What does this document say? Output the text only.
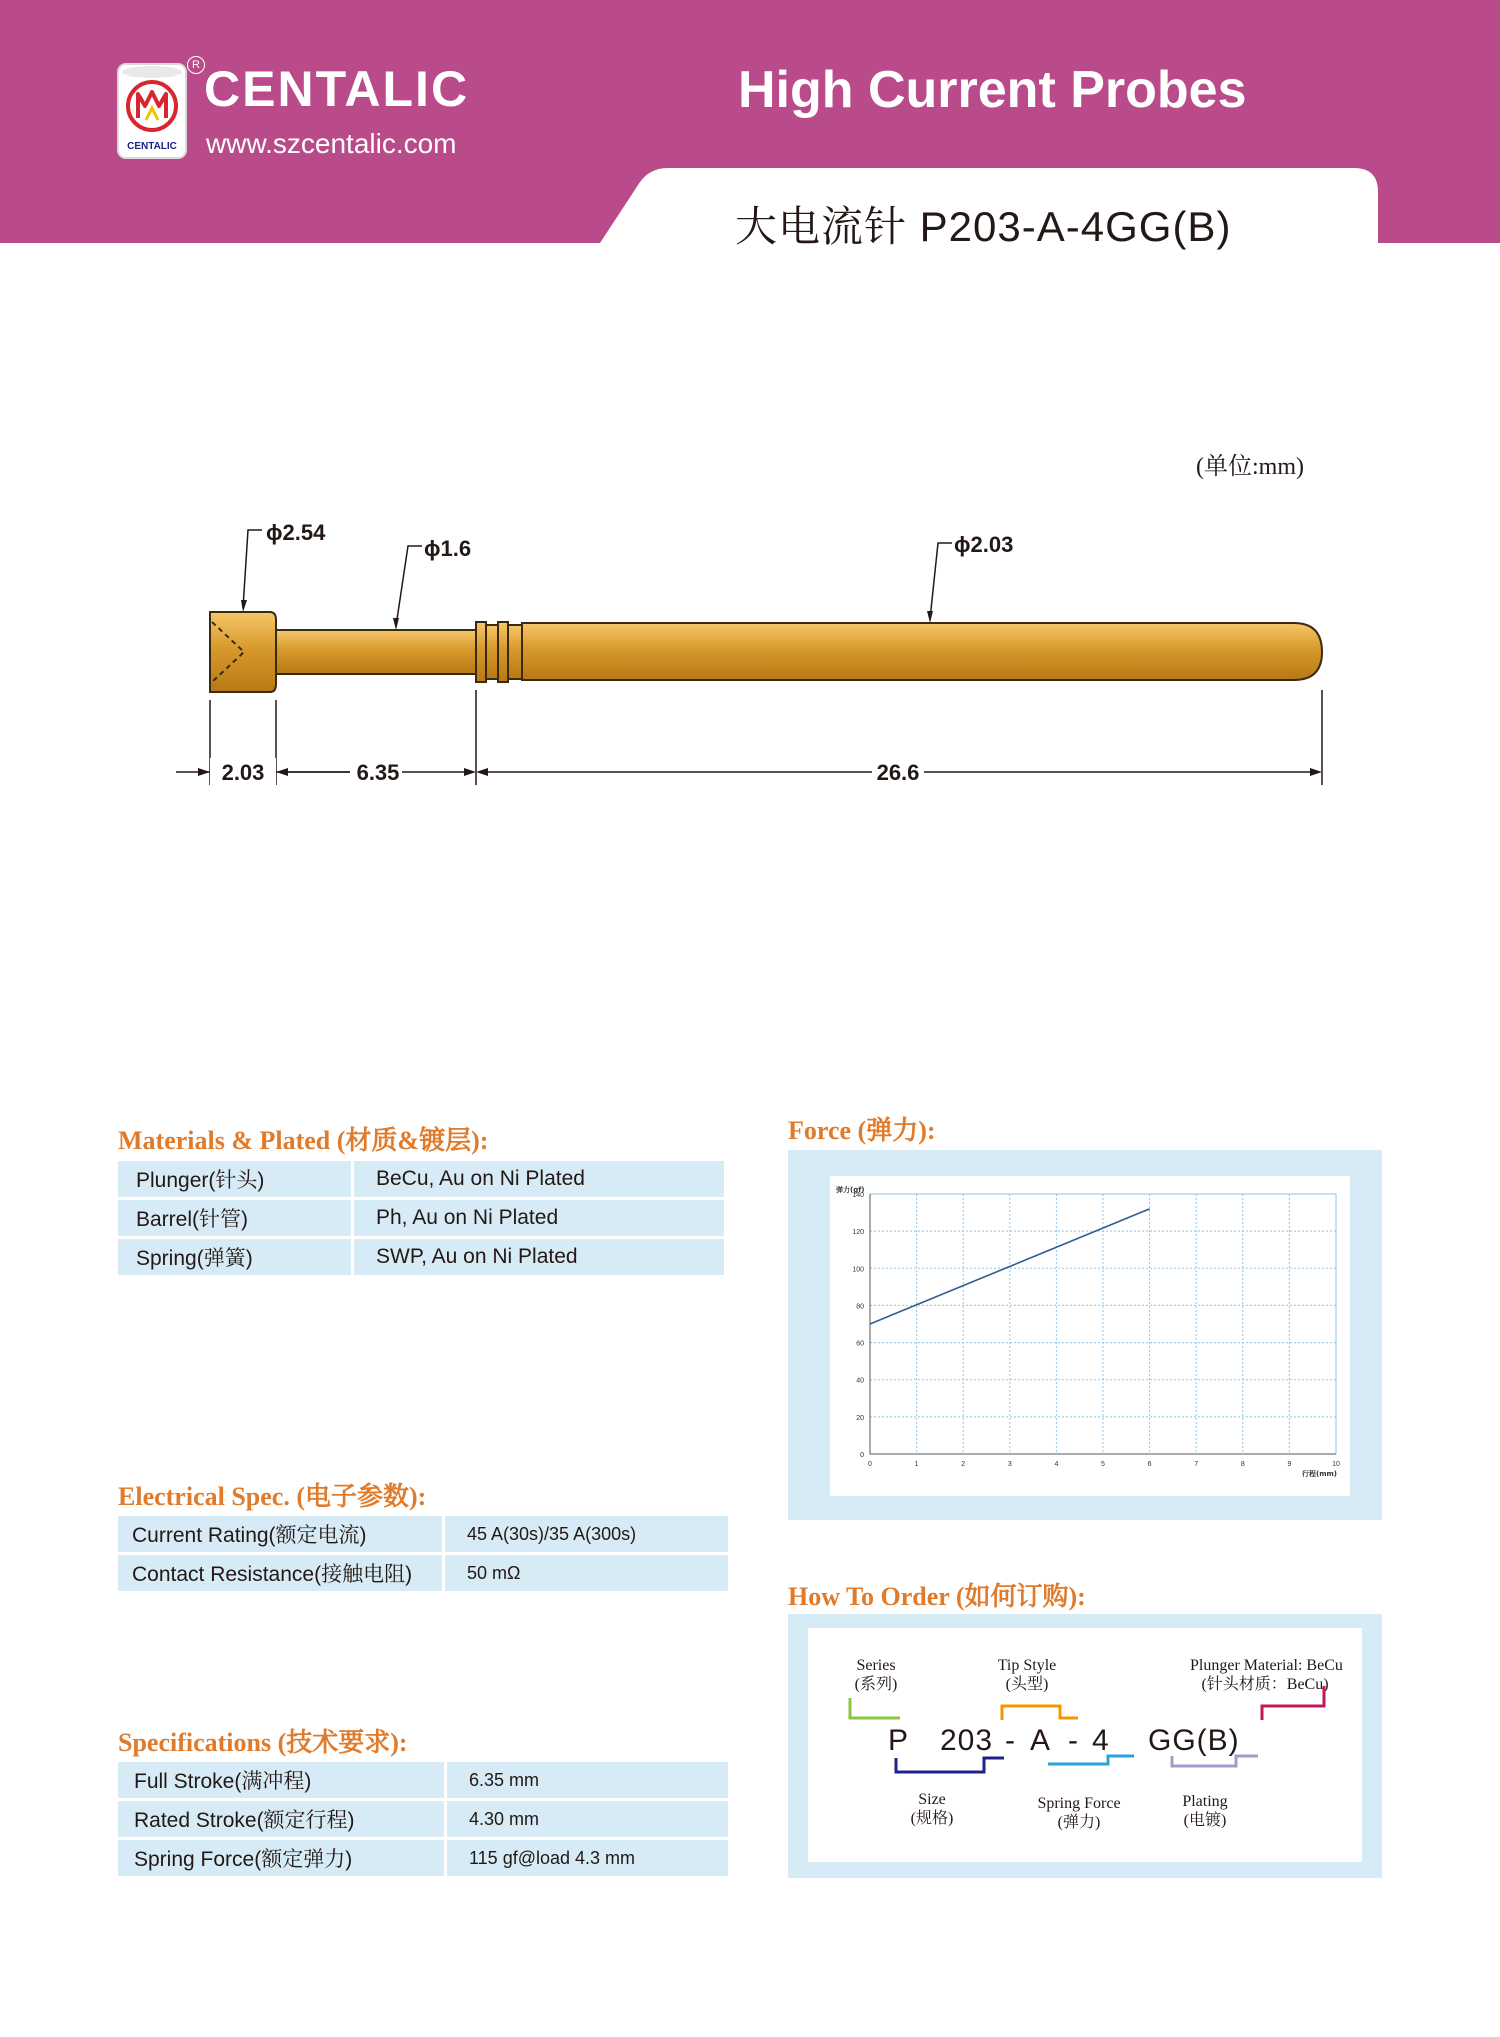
CENTALIC
R CENTALIC
www.szcentalic.com
High Current Probes
大电流针 P203-A-4GG(B)
(单位:mm)
ϕ2.54
ϕ1.6	ϕ2.03
2.03	6.35	26.6
Materials & Plated (材质&镀层):
Plunger(针头)	BeCu, Au on Ni Plated
Barrel(针管)	Ph, Au on Ni Plated
Spring(弹簧)	SWP, Au on Ni Plated
Electrical Spec. (电子参数):
Current Rating(额定电流)	45 A(30s)/35 A(300s)
Contact Resistance(接触电阻)	50 mΩ
Specifications (技术要求):
Full Stroke(满冲程)	6.35 mm
Rated Stroke(额定行程)	4.30 mm
Spring Force(额定弹力)	115 gf@load 4.3 mm
Force (弹力):
0	1	2	3	4	5	6	7	8	9	10
0
20
40
60
80
100
120
140
弹力(gf)
行程(mm)
How To Order (如何订购):
Series
(系列)
Tip Style
(头型)
Plunger Material: BeCu
(针头材质：BeCu)
P 203 - A - 4 GG(B)
Size
(规格)
Spring Force
(弹力)
Plating
(电镀)
